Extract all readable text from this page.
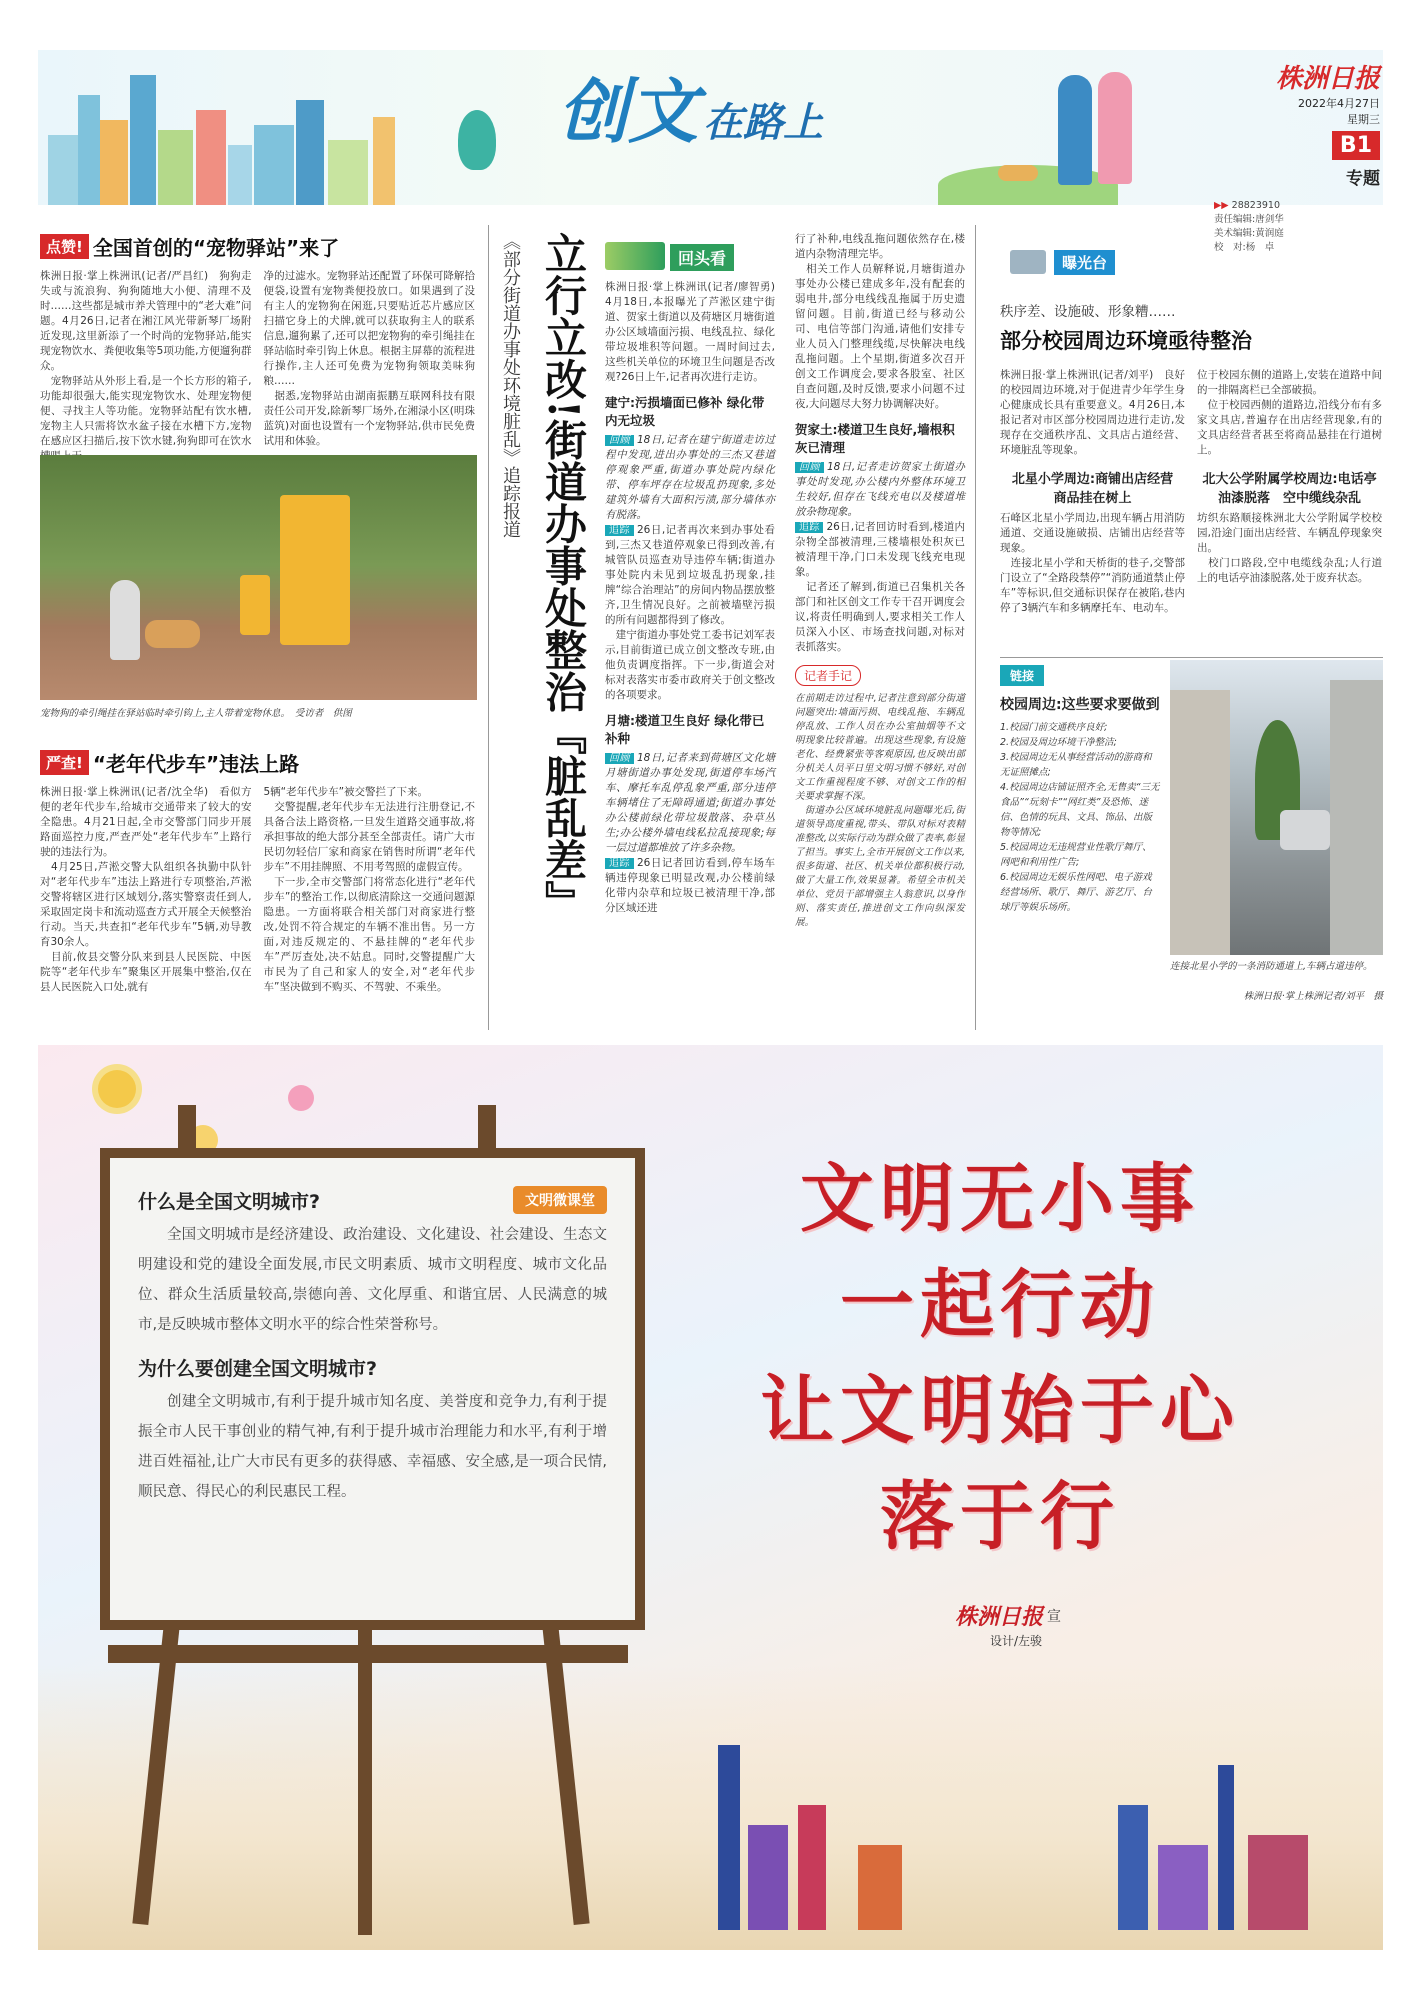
创文 在路上
株洲日报
2022年4月27日
星期三
B1
专题
▶▶ 28823910
责任编辑:唐剑华
美术编辑:黄润庭
校　对:杨　卓
点赞! 全国首创的“宠物驿站”来了
株洲日报·掌上株洲讯(记者/严昌红)　狗狗走失或与流浪狗、狗狗随地大小便、清理不及时……这些都是城市养犬管理中的“老大难”问题。4月26日,记者在湘江风光带新琴厂场附近发现,这里新添了一个时尚的宠物驿站,能实现宠物饮水、粪便收集等5项功能,方便遛狗群众。
　宠物驿站从外形上看,是一个长方形的箱子,功能却很强大,能实现宠物饮水、处理宠物便便、寻找主人等功能。宠物驿站配有饮水槽,宠物主人只需将饮水盆子接在水槽下方,宠物在感应区扫描后,按下饮水键,狗狗即可在饮水
净的过滤水。宠物驿站还配置了环保可降解拾便袋,设置有宠物粪便投放口。如果遇到了没有主人的宠物狗在闲逛,只要贴近芯片感应区扫描它身上的犬牌,就可以获取狗主人的联系信息,遛狗累了,还可以把宠物狗的牵引绳挂在驿站临时牵引钩上休息。根据主屏幕的流程进行操作,主人还可免费为宠物狗领取美味狗粮……
　据悉,宠物驿站由湖南振鹏互联网科技有限责任公司开发,除新琴厂场外,在湘渌小区(明珠蓝筑)对面也设置有一个宠物驿站,供市民免费试用和体验。
宠物狗的牵引绳挂在驿站临时牵引钩上,主人带着宠物休息。　受访者　供图
严查! “老年代步车”违法上路
株洲日报·掌上株洲讯(记者/沈全华)　看似方便的老年代步车,给城市交通带来了较大的安全隐患。4月21日起,全市交警部门同步开展路面巡控力度,严查严处“老年代步车”上路行驶的违法行为。
　4月25日,芦淞交警大队组织各执勤中队针对“老年代步车”违法上路进行专项整治,芦淞交警将辖区进行区域划分,落实警察责任到人,采取固定岗卡和流动巡查方式开展全天候整治行动。当天,共查扣“老年代步车”5辆,劝导教育30余人。
　目前,攸县交警分队来到县人民医院、中医院等“老年代步车”聚集区开展集中整治,仅在县人民医院入口处,就有
5辆“老年代步车”被交警拦了下来。
　交警提醒,老年代步车无法进行注册登记,不具备合法上路资格,一旦发生道路交通事故,将承担事故的绝大部分甚至全部责任。请广大市民切勿轻信厂家和商家在销售时所谓“老年代步车”不用挂牌照、不用考驾照的虚假宣传。
　下一步,全市交警部门将常态化进行“老年代步车”的整治工作,以彻底清除这一交通问题源隐患。一方面将联合相关部门对商家进行整改,处罚不符合规定的车辆不准出售。另一方面,对违反规定的、不悬挂牌的“老年代步车”严厉查处,决不姑息。同时,交警提醒广大市民为了自己和家人的安全,对“老年代步车”坚决做到不购买、不驾驶、不乘坐。
《部分街道办事处环境脏乱》追踪报道 立行立改!街道办事处整治『脏乱差』	回头看
株洲日报·掌上株洲讯(记者/廖智勇)　4月18日,本报曝光了芦淞区建宁街道、贺家土街道以及荷塘区月塘街道办公区域墙面污损、电线乱拉、绿化带垃圾堆积等问题。一周时间过去,这些机关单位的环境卫生问题是否改观?26日上午,记者再次进行走访。
建宁:污损墙面已修补 绿化带内无垃圾
回顾 18日,记者在建宁街道走访过程中发现,进出办事处的三杰又巷道停观象严重,街道办事处院内绿化带、停车坪存在垃圾乱扔现象,多处建筑外墙有大面积污渍,部分墙体亦有脱落。
追踪 26日,记者再次来到办事处看到,三杰又巷道停观象已得到改善,有城管队员巡查劝导违停车辆;街道办事处院内未见到垃圾乱扔现象,挂牌“综合治理站”的房间内物品摆放整齐,卫生情况良好。之前被墙壁污损的所有问题都得到了修改。
　建宁街道办事处党工委书记刘军表示,目前街道已成立创文整改专班,由他负责调度指挥。下一步,街道会对标对表落实市委市政府关于创文整改的各项要求。
月塘:楼道卫生良好 绿化带已补种
回顾 18日,记者来到荷塘区文化塘月塘街道办事处发现,街道停车场汽车、摩托车乱停乱象严重,部分违停车辆堵住了无障碍通道;街道办事处办公楼前绿化带垃圾散落、杂草丛生;办公楼外墙电线私拉乱接现象;每一层过道都堆放了许多杂物。
追踪 26日记者回访看到,停车场车辆违停现象已明显改观,办公楼前绿化带内杂草和垃圾已被清理干净,部分区域还进
行了补种,电线乱拖问题依然存在,楼道内杂物清理完毕。
　相关工作人员解释说,月塘街道办事处办公楼已建成多年,没有配套的弱电井,部分电线线乱拖属于历史遗留问题。目前,街道已经与移动公司、电信等部门沟通,请他们安排专业人员入门整理线缆,尽快解决电线乱拖问题。上个星期,街道多次召开创文工作调度会,要求各股室、社区自查问题,及时反馈,要求小问题不过夜,大问题尽大努力协调解决好。
贺家土:楼道卫生良好,墙根积灰已清理
回顾 18日,记者走访贺家土街道办事处时发现,办公楼内外整体环境卫生较好,但存在飞线充电以及楼道堆放杂物现象。
追踪 26日,记者回访时看到,楼道内杂物全部被清理,三楼墙根处积灰已被清理干净,门口未发现飞线充电现象。
　记者还了解到,街道已召集机关各部门和社区创文工作专干召开调度会议,将责任明确到人,要求相关工作人员深入小区、市场查找问题,对标对表抓落实。
记者手记
在前期走访过程中,记者注意到部分街道问题突出:墙面污损、电线乱拖、车辆乱停乱放、工作人员在办公室抽烟等不文明现象比较普遍。出现这些现象,有设施老化、经费紧张等客观原因,也反映出部分机关人员平日里文明习惯不够好,对创文工作重视程度不够、对创文工作的相关要求掌握不深。
　街道办公区域环境脏乱问题曝光后,街道领导高度重视,带头、带队对标对表精准整改,以实际行动为群众做了表率,彰显了担当。事实上,全市开展创文工作以来,很多街道、社区、机关单位都积极行动,做了大量工作,效果显著。希望全市机关单位、党员干部增强主人翁意识,以身作则、落实责任,推进创文工作向纵深发展。
曝光台
秩序差、设施破、形象糟……
部分校园周边环境亟待整治
株洲日报·掌上株洲讯(记者/刘平)　良好的校园周边环境,对于促进青少年学生身心健康成长具有重要意义。4月26日,本报记者对市区部分校园周边进行走访,发现存在交通秩序乱、文具店占道经营、环境脏乱等现象。
北星小学周边:商铺出店经营　商品挂在树上
石峰区北星小学周边,出现车辆占用消防通道、交通设施破损、店铺出店经营等现象。
　连接北星小学和天桥街的巷子,交警部门设立了“全路段禁停”“消防通道禁止停车”等标识,但交通标识保存在被陷,巷内停了3辆汽车和多辆摩托车、电动车。
位于校园东侧的道路上,安装在道路中间的一排隔离栏已全部破损。
　位于校园西侧的道路边,沿线分布有多家文具店,普遍存在出店经营现象,有的文具店经营者甚至将商品悬挂在行道树上。
北大公学附属学校周边:电话亭油漆脱落　空中缆线杂乱
坊织东路顺接株洲北大公学附属学校校园,沿途门面出店经营、车辆乱停现象突出。
　校门口路段,空中电缆线杂乱;人行道上的电话亭油漆脱落,处于废弃状态。
链接
校园周边:这些要求要做到
1.校园门前交通秩序良好;
2.校园及周边环境干净整洁;
3.校园周边无从事经营活动的游商和无证照摊点;
4.校园周边店铺证照齐全,无售卖“三无食品”“玩刻卡”“网红类”及恐怖、迷信、色情的玩具、文具、饰品、出版物等情况;
5.校园周边无违规营业性歌厅舞厅、网吧和利用性广告;
6.校园周边无娱乐性网吧、电子游戏经营场所、歌厅、舞厅、游艺厅、台球厅等娱乐场所。
连接北星小学的一条消防通道上,车辆占道违停。
株洲日报·掌上株洲记者/刘平　摄
什么是全国文明城市?	文明微课堂
全国文明城市是经济建设、政治建设、文化建设、社会建设、生态文明建设和党的建设全面发展,市民文明素质、城市文明程度、城市文化品位、群众生活质量较高,崇德向善、文化厚重、和谐宜居、人民满意的城市,是反映城市整体文明水平的综合性荣誉称号。
为什么要创建全国文明城市?
创建全文明城市,有利于提升城市知名度、美誉度和竞争力,有利于提振全市人民干事创业的精气神,有利于提升城市治理能力和水平,有利于增进百姓福祉,让广大市民有更多的获得感、幸福感、安全感,是一项合民情,顺民意、得民心的利民惠民工程。
文明无小事
一起行动
让文明始于心
落于行
株洲日报 宣
设计/左骏
